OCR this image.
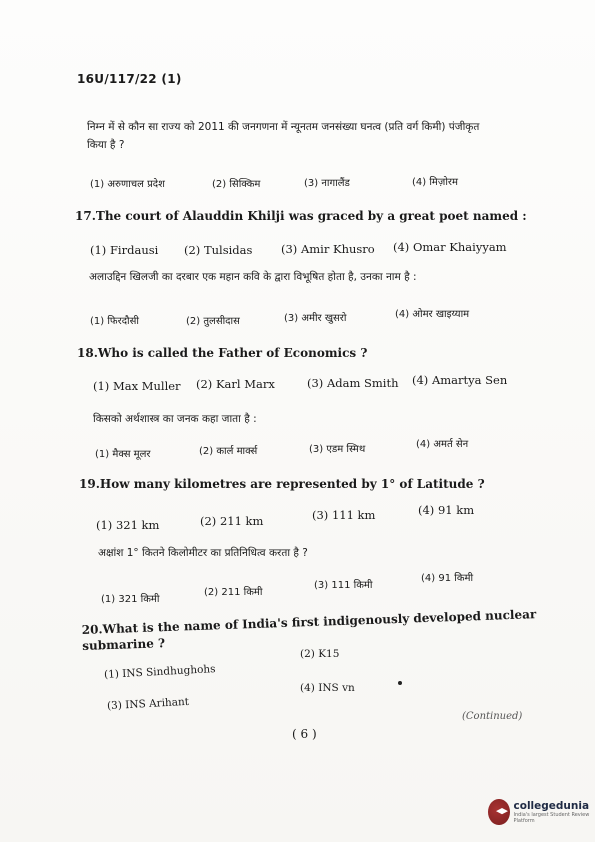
16U/117/22 (1)
निम्न में से कौन सा राज्य को 2011 की जनगणना में न्यूनतम जनसंख्या घनत्व (प्रति वर्ग किमी) पंजीकृत
किया है ?
(1) अरुणाचल प्रदेश	(2) सिक्किम	(3) नागालैंड	(4) मिज़ोरम
17.The court of Alauddin Khilji was graced by a great poet named :
(1) Firdausi (2) Tulsidas (3) Amir Khusro (4) Omar Khaiyyam
अलाउद्दिन खिलजी का दरबार एक महान कवि के द्वारा विभूषित होता है, उनका नाम है :
(1) फिरदौसी	(2) तुलसीदास	(3) अमीर खुसरो	(4) ओमर खाइय्याम
18.Who is called the Father of Economics ?
(1) Max Muller (2) Karl Marx	(3) Adam Smith (4) Amartya Sen
किसको अर्थशास्त्र का जनक कहा जाता है :
(1) मैक्स मूलर	(2) कार्ल मार्क्स	(3) एडम स्मिथ	(4) अमर्त सेन
19.How many kilometres are represented by 1° of Latitude ?
(1) 321 km	(2) 211 km	(3) 111 km	(4) 91 km
अक्षांश 1° कितने किलोमीटर का प्रतिनिधित्व करता है ?
(1) 321 किमी
(2) 211 किमी
(3) 111 किमी
(4) 91 किमी
20.What is the name of India's first indigenously developed nuclear submarine ?
(1) INS Sindhughohs
(2) K15
(3) INS Arihant
(4) INS vn
(Continued)
( 6 )
collegedunia
India's largest Student Review Platform
